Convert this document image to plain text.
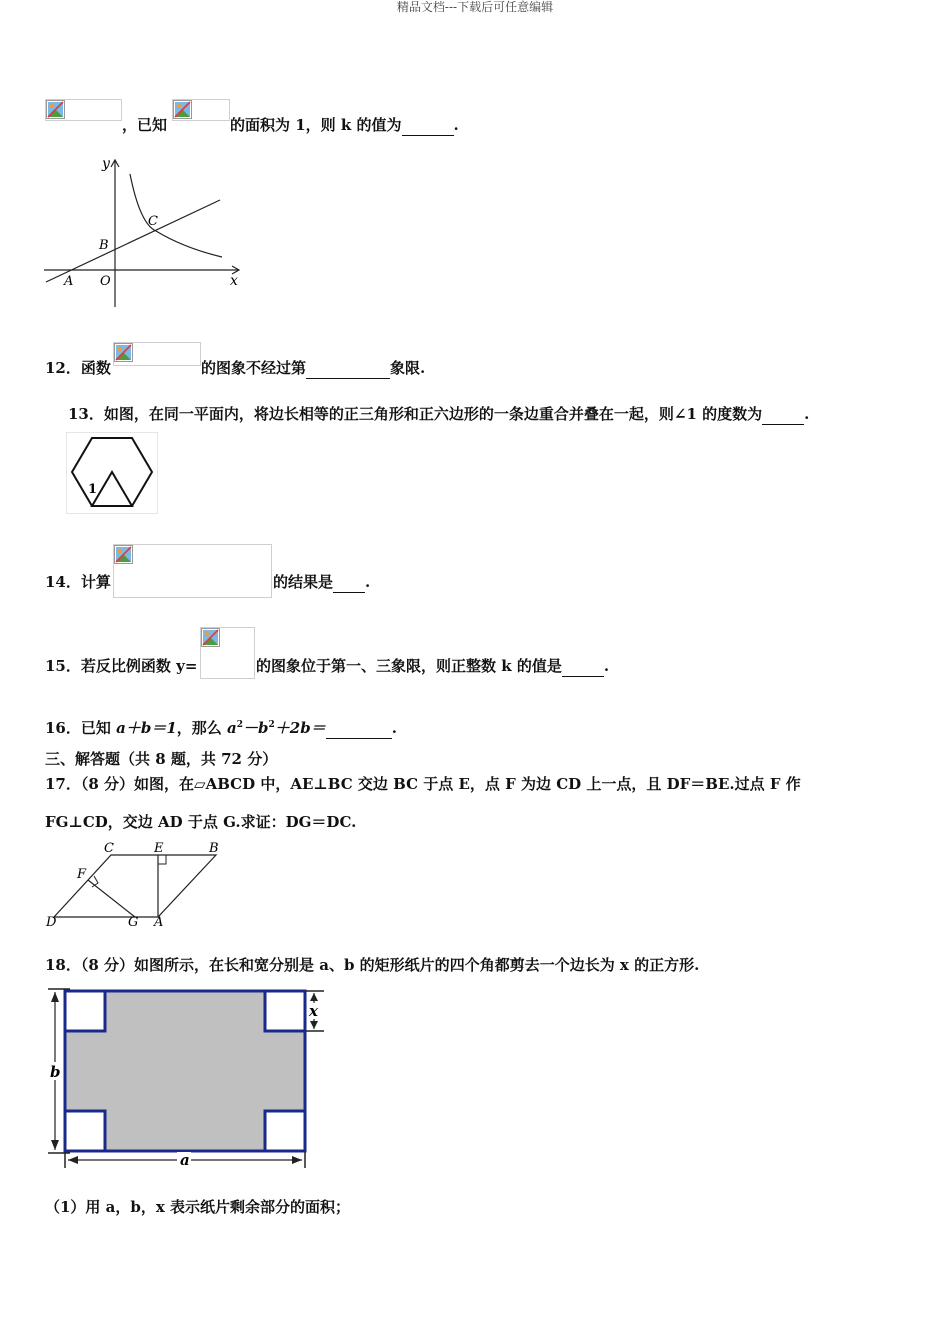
精品文档---下载后可任意编辑
，已知	的面积为 1，则 k 的值为	.
y
x
O
A
B
C
12．函数	的图象不经过第	象限.
13．如图，在同一平面内，将边长相等的正三角形和正六边形的一条边重合并叠在一起，则∠1 的度数为	.
1
14．计算	的结果是 .
15．若反比例函数 y=	的图象位于第一、三象限，则正整数 k 的值是	.
16．已知 a＋b＝1，那么 $a^2-b^2+2b=$	.
三、解答题（共 8 题，共 72 分）
17．（8 分）如图，在▱ABCD 中，AE⊥BC 交边 BC 于点 E，点 F 为边 CD 上一点，且 DF＝BE.过点 F 作
FG⊥CD，交边 AD 于点 G.求证：DG＝DC.
C	E	B
F
D	G A
18．（8 分）如图所示，在长和宽分别是 a、b 的矩形纸片的四个角都剪去一个边长为 x 的正方形.
b
a
x
（1）用 a，b，x 表示纸片剩余部分的面积；
